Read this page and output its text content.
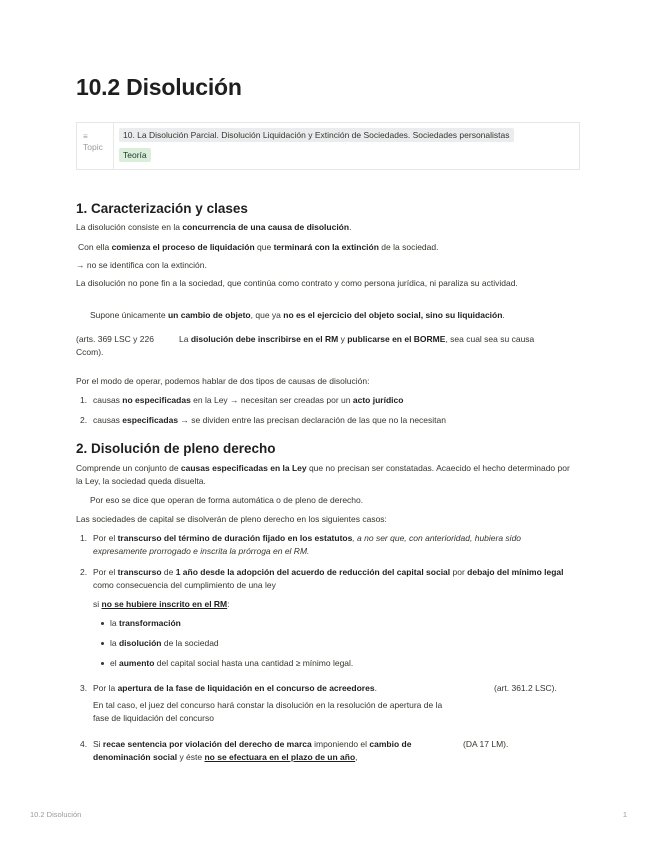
10.2 Disolución
≡
Topic
10. La Disolución Parcial. Disolución Liquidación y Extinción de Sociedades. Sociedades personalistas
Teoría
1. Caracterización y clases
La disolución consiste en la concurrencia de una causa de disolución.
Con ella comienza el proceso de liquidación que terminará con la extinción de la sociedad.
→ no se identifica con la extinción.
La disolución no pone fin a la sociedad, que continúa como contrato y como persona jurídica, ni paraliza su actividad.
Supone únicamente un cambio de objeto, que ya no es el ejercicio del objeto social, sino su liquidación.
(arts. 369 LSC y 226 Ccom).
La disolución debe inscribirse en el RM y publicarse en el BORME, sea cual sea su causa
Por el modo de operar, podemos hablar de dos tipos de causas de disolución:
1. causas no especificadas en la Ley → necesitan ser creadas por un acto jurídico
2. causas especificadas → se dividen entre las precisan declaración de las que no la necesitan
2. Disolución de pleno derecho
Comprende un conjunto de causas especificadas en la Ley que no precisan ser constatadas. Acaecido el hecho determinado por la Ley, la sociedad queda disuelta.
Por eso se dice que operan de forma automática o de pleno de derecho.
Las sociedades de capital se disolverán de pleno derecho en los siguientes casos:
1. Por el transcurso del término de duración fijado en los estatutos, a no ser que, con anterioridad, hubiera sido expresamente prorrogado e inscrita la prórroga en el RM.
2. Por el transcurso de 1 año desde la adopción del acuerdo de reducción del capital social por debajo del mínimo legal como consecuencia del cumplimiento de una ley
si no se hubiere inscrito en el RM:
la transformación
la disolución de la sociedad
el aumento del capital social hasta una cantidad ≥ mínimo legal.
3. Por la apertura de la fase de liquidación en el concurso de acreedores.	(art. 361.2 LSC).
En tal caso, el juez del concurso hará constar la disolución en la resolución de apertura de la fase de liquidación del concurso
4. Si recae sentencia por violación del derecho de marca imponiendo el cambio de denominación social y éste no se efectuara en el plazo de un año,
(DA 17 LM).
10.2 Disolución	1
